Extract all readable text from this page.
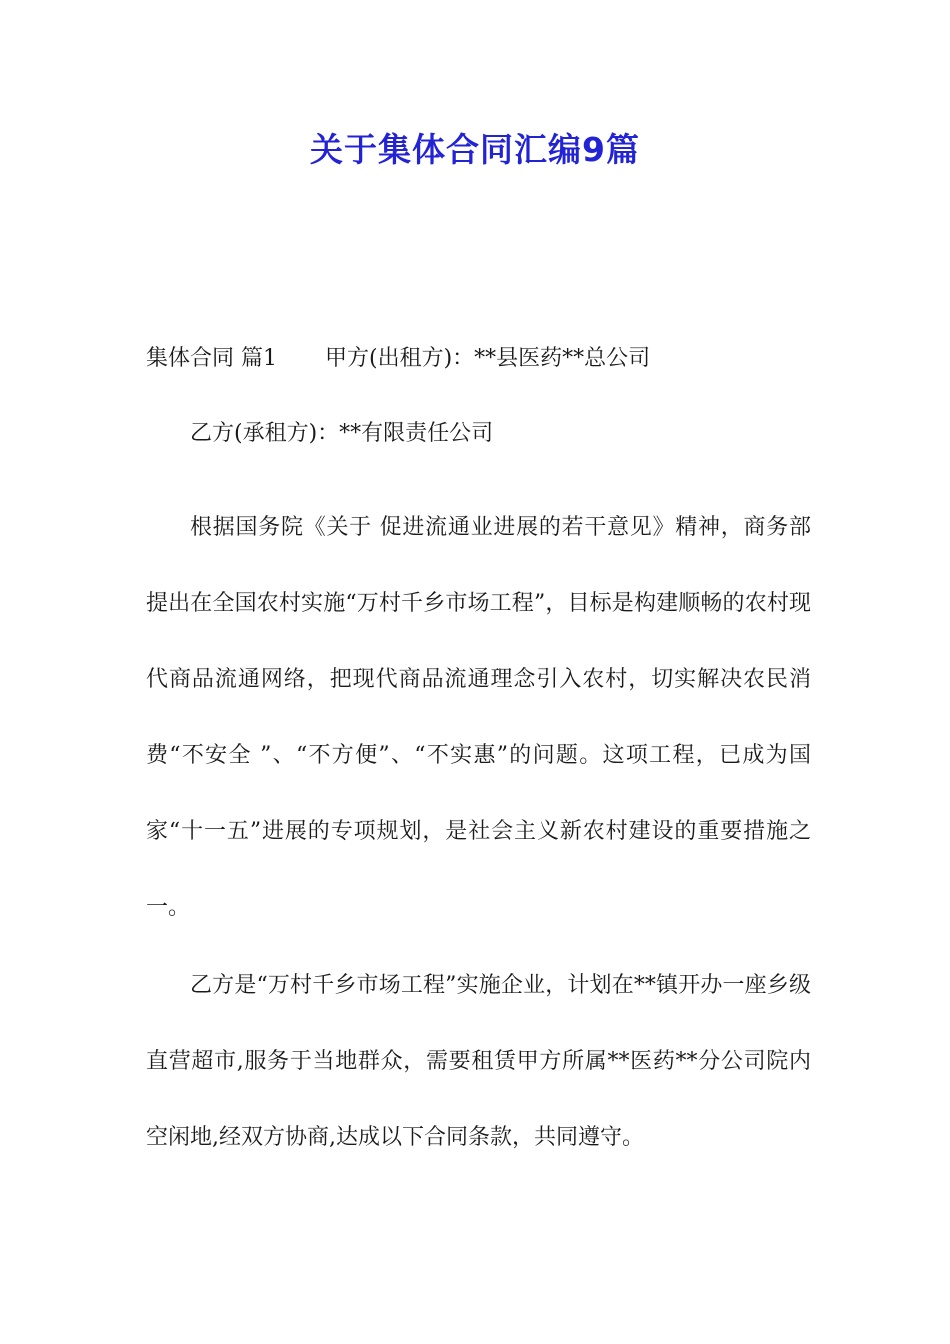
关于集体合同汇编9篇

集体合同 篇1 甲方(出租方)：**县医药**总公司

乙方(承租方)：**有限责任公司

根据国务院《关于 促进流通业进展的若干意见》精神，商务部提出在全国农村实施“万村千乡市场工程”，目标是构建顺畅的农村现代商品流通网络，把现代商品流通理念引入农村，切实解决农民消费“不安全 ”、“不方便”、“不实惠”的问题。这项工程，已成为国家“十一五”进展的专项规划，是社会主义新农村建设的重要措施之一。

乙方是“万村千乡市场工程”实施企业，计划在**镇开办一座乡级直营超市,服务于当地群众，需要租赁甲方所属**医药**分公司院内空闲地,经双方协商,达成以下合同条款，共同遵守。
